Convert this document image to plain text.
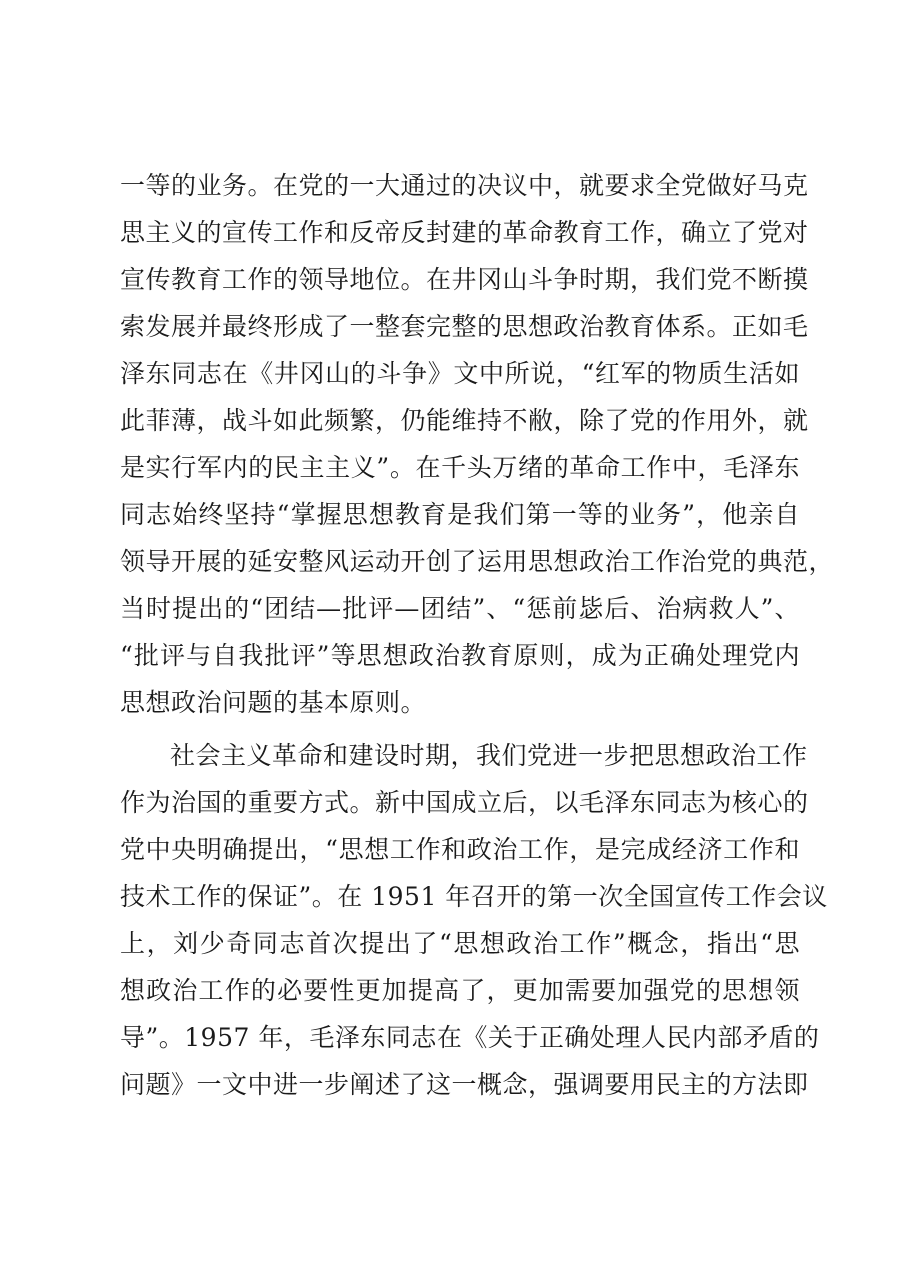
一等的业务。在党的一大通过的决议中，就要求全党做好马克
思主义的宣传工作和反帝反封建的革命教育工作，确立了党对
宣传教育工作的领导地位。在井冈山斗争时期，我们党不断摸
索发展并最终形成了一整套完整的思想政治教育体系。正如毛
泽东同志在《井冈山的斗争》文中所说，“红军的物质生活如
此菲薄，战斗如此频繁，仍能维持不敝，除了党的作用外，就
是实行军内的民主主义”。在千头万绪的革命工作中，毛泽东
同志始终坚持“掌握思想教育是我们第一等的业务”，他亲自
领导开展的延安整风运动开创了运用思想政治工作治党的典范，
当时提出的“团结—批评—团结”、“惩前毖后、治病救人”、
“批评与自我批评”等思想政治教育原则，成为正确处理党内
思想政治问题的基本原则。
社会主义革命和建设时期，我们党进一步把思想政治工作
作为治国的重要方式。新中国成立后，以毛泽东同志为核心的
党中央明确提出，“思想工作和政治工作，是完成经济工作和
技术工作的保证”。在 1951 年召开的第一次全国宣传工作会议
上，刘少奇同志首次提出了“思想政治工作”概念，指出“思
想政治工作的必要性更加提高了，更加需要加强党的思想领
导”。1957 年，毛泽东同志在《关于正确处理人民内部矛盾的
问题》一文中进一步阐述了这一概念，强调要用民主的方法即
